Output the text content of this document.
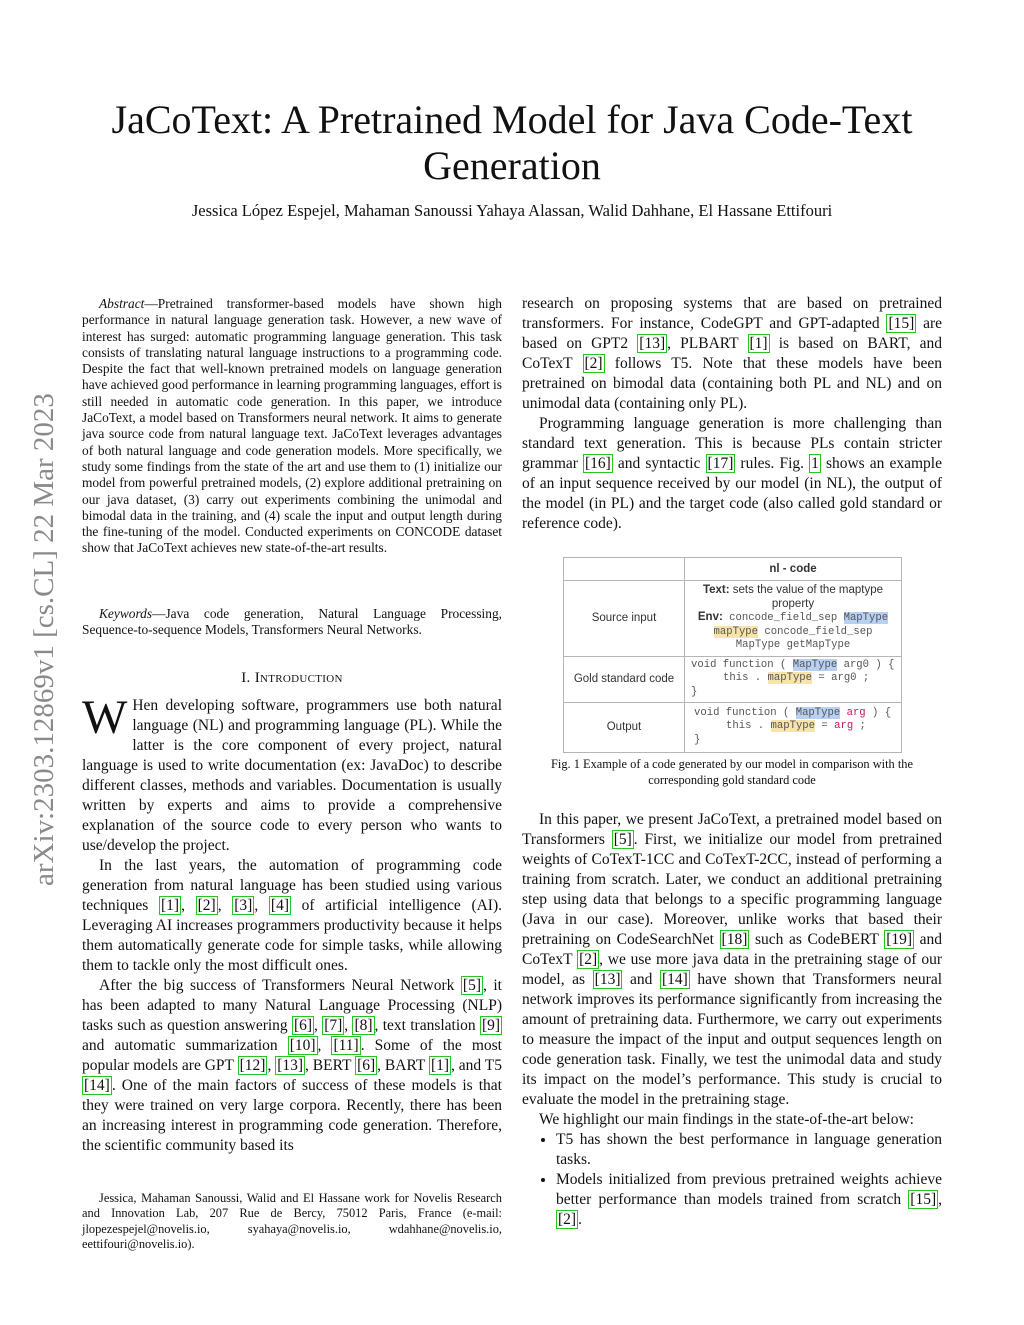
JaCoText: A Pretrained Model for Java Code-Text Generation
Jessica López Espejel, Mahaman Sanoussi Yahaya Alassan, Walid Dahhane, El Hassane Ettifouri
arXiv:2303.12869v1 [cs.CL] 22 Mar 2023

Abstract—Pretrained transformer-based models have shown high performance in natural language generation task. However, a new wave of interest has surged: automatic programming language generation. This task consists of translating natural language instructions to a programming code. Despite the fact that well-known pretrained models on language generation have achieved good performance in learning programming languages, effort is still needed in automatic code generation. In this paper, we introduce JaCoText, a model based on Transformers neural network. It aims to generate java source code from natural language text. JaCoText leverages advantages of both natural language and code generation models. More specifically, we study some findings from the state of the art and use them to (1) initialize our model from powerful pretrained models, (2) explore additional pretraining on our java dataset, (3) carry out experiments combining the unimodal and bimodal data in the training, and (4) scale the input and output length during the fine-tuning of the model. Conducted experiments on CONCODE dataset show that JaCoText achieves new state-of-the-art results.

Keywords—Java code generation, Natural Language Processing, Sequence-to-sequence Models, Transformers Neural Networks.

I. Introduction

W Hen developing software, programmers use both natural language (NL) and programming language (PL). While the latter is the core component of every project, natural language is used to write documentation (ex: JavaDoc) to describe different classes, methods and variables. Documentation is usually written by experts and aims to provide a comprehensive explanation of the source code to every person who wants to use/develop the project.

In the last years, the automation of programming code generation from natural language has been studied using various techniques [1] , [2] , [3] , [4] of artificial intelligence (AI). Leveraging AI increases programmers productivity because it helps them automatically generate code for simple tasks, while allowing them to tackle only the most difficult ones.

After the big success of Transformers Neural Network [5] , it has been adapted to many Natural Language Processing (NLP) tasks such as question answering [6] , [7] , [8] , text translation [9] and automatic summarization [10] , [11] . Some of the most popular models are GPT [12] , [13] , BERT [6] , BART [1] , and T5 [14] . One of the main factors of success of these models is that they were trained on very large corpora. Recently, there has been an increasing interest in programming code generation. Therefore, the scientific community based its

Jessica, Mahaman Sanoussi, Walid and El Hassane work for Novelis Research and Innovation Lab, 207 Rue de Bercy, 75012 Paris, France (e-mail: jlopezespejel@novelis.io, syahaya@novelis.io, wdahhane@novelis.io, eettifouri@novelis.io).

research on proposing systems that are based on pretrained transformers. For instance, CodeGPT and GPT-adapted [15] are based on GPT2 [13] , PLBART [1] is based on BART, and CoTexT [2] follows T5. Note that these models have been pretrained on bimodal data (containing both PL and NL) and on unimodal data (containing only PL).

Programming language generation is more challenging than standard text generation. This is because PLs contain stricter grammar [16] and syntactic [17] rules. Fig. 1 shows an example of an input sequence received by our model (in NL), the output of the model (in PL) and the target code (also called gold standard or reference code).

	nl - code
Source input	Text: sets the value of the maptype property
Env: concode_field_sep MapType
mapType concode_field_sep
MapType getMapType

Gold standard code	void function ( MapType arg0 ) {
this . mapType = arg0 ;
}

Output	void function ( MapType arg ) {
this . mapType = arg ;
}
Fig. 1 Example of a code generated by our model in comparison with the corresponding gold standard code

In this paper, we present JaCoText, a pretrained model based on Transformers [5] . First, we initialize our model from pretrained weights of CoTexT-1CC and CoTexT-2CC, instead of performing a training from scratch. Later, we conduct an additional pretraining step using data that belongs to a specific programming language (Java in our case). Moreover, unlike works that based their pretraining on CodeSearchNet [18] such as CodeBERT [19] and CoTexT [2] , we use more java data in the pretraining stage of our model, as [13] and [14] have shown that Transformers neural network improves its performance significantly from increasing the amount of pretraining data. Furthermore, we carry out experiments to measure the impact of the input and output sequences length on code generation task. Finally, we test the unimodal data and study its impact on the model’s performance. This study is crucial to evaluate the model in the pretraining stage.

We highlight our main findings in the state-of-the-art below:

• T5 has shown the best performance in language generation tasks.
• Models initialized from previous pretrained weights achieve better performance than models trained from scratch [15] , [2] .
